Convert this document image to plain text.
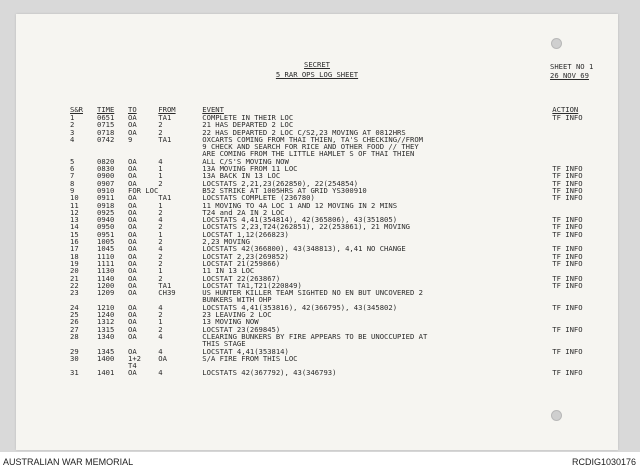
SECRET
5 RAR OPS LOG SHEET
SHEET NO 1
26 NOV 69
S&R	TIME	TO	FROM	EVENT	ACTION
1	0651	OA	TA1	COMPLETE IN THEIR LOC	TF INFO
2	0715	OA	2	21 HAS DEPARTED 2 LOC	
3	0718	OA	2	22 HAS DEPARTED 2 LOC C/S2,23 MOVING AT 0812HRS	
4	0742	9	TA1	OXCARTS COMING FROM THAI THIEN, TA'S CHECKING//FROM	
				9 CHECK AND SEARCH FOR RICE AND OTHER FOOD // THEY	
				ARE COMING FROM THE LITTLE HAMLET S OF THAI THIEN	
5	0820	OA	4	ALL C/S'S MOVING NOW	
6	0830	OA	1	13A MOVING FROM 11 LOC	TF INFO
7	0900	OA	1	13A BACK IN 13 LOC	TF INFO
8	0907	OA	2	LOCSTATS 2,21,23(262850), 22(254854)	TF INFO
9	0910	FOR LOC		B52 STRIKE AT 1005HRS AT GRID YS300910	TF INFO
10	0911	OA	TA1	LOCSTATS COMPLETE (236780)	TF INFO
11	0918	OA	1	11 MOVING TO 4A LOC 1 AND 12 MOVING IN 2 MINS	
12	0925	OA	2	T24 and 2A IN 2 LOC	
13	0940	OA	4	LOCSTATS 4,41(354814), 42(365806), 43(351805)	TF INFO
14	0950	OA	2	LOCSTATS 2,23,T24(262851), 22(253861), 21 MOVING	TF INFO
15	0951	OA	1	LOCSTAT 1,12(266823)	TF INFO
16	1005	OA	2	2,23 MOVING	
17	1045	OA	4	LOCSTATS 42(366800), 43(348813), 4,41 NO CHANGE	TF INFO
18	1110	OA	2	LOCSTAT 2,23(269852)	TF INFO
19	1111	OA	2	LOCSTAT 21(259866)	TF INFO
20	1130	OA	1	11 IN 13 LOC	
21	1140	OA	2	LOCSTAT 22(263867)	TF INFO
22	1200	OA	TA1	LOCSTAT TA1,T21(220849)	TF INFO
23	1209	OA	CH39	US HUNTER KILLER TEAM SIGHTED NO EN BUT UNCOVERED 2	
				BUNKERS WITH OHP	
24	1210	OA	4	LOCSTATS 4,41(353816), 42(366795), 43(345802)	TF INFO
25	1240	OA	2	23 LEAVING 2 LOC	
26	1312	OA	1	13 MOVING NOW	
27	1315	OA	2	LOCSTAT 23(269845)	TF INFO
28	1340	OA	4	CLEARING BUNKERS BY FIRE APPEARS TO BE UNOCCUPIED AT	
				THIS STAGE	
29	1345	OA	4	LOCSTAT 4,41(353814)	TF INFO
30	1400	1+2	OA	S/A FIRE FROM THIS LOC	
		T4			
31	1401	OA	4	LOCSTATS 42(367792), 43(346793)	TF INFO
AUSTRALIAN WAR MEMORIAL	RCDIG1030176
